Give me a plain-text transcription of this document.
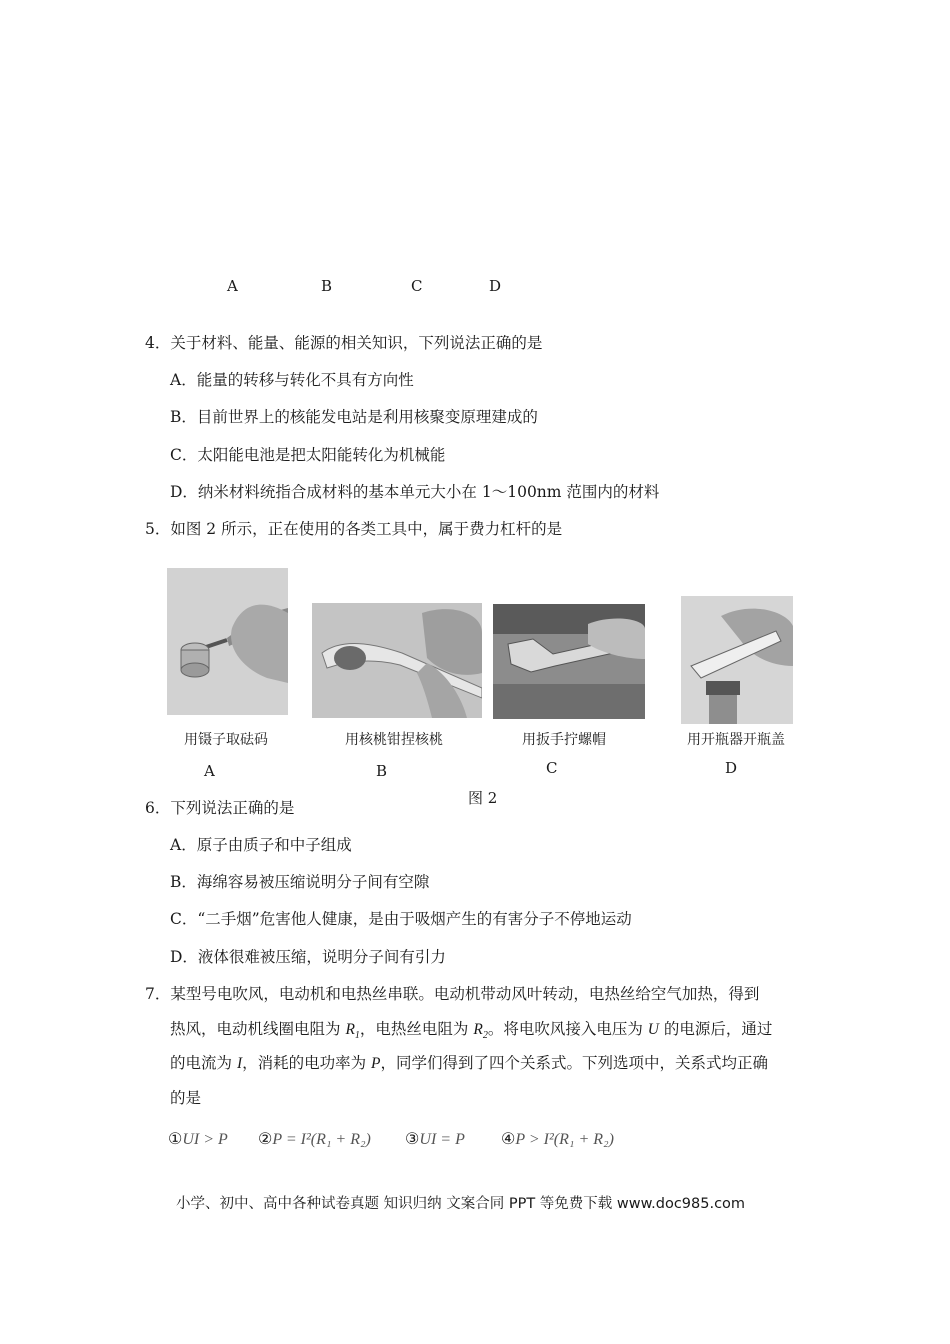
A	B	C	D
4．关于材料、能量、能源的相关知识，下列说法正确的是
A．能量的转移与转化不具有方向性
B．目前世界上的核能发电站是利用核聚变原理建成的
C．太阳能电池是把太阳能转化为机械能
D．纳米材料统指合成材料的基本单元大小在 1～100nm 范围内的材料
5．如图 2 所示，正在使用的各类工具中，属于费力杠杆的是
用镊子取砝码	用核桃钳捏核桃	用扳手拧螺帽	用开瓶器开瓶盖
A	B	C	D
图 2
6．下列说法正确的是
A．原子由质子和中子组成
B．海绵容易被压缩说明分子间有空隙
C．“二手烟”危害他人健康，是由于吸烟产生的有害分子不停地运动
D．液体很难被压缩，说明分子间有引力
7．某型号电吹风，电动机和电热丝串联。电动机带动风叶转动，电热丝给空气加热，得到
热风，电动机线圈电阻为 $R_1$，电热丝电阻为 $R_2$。将电吹风接入电压为 U 的电源后，通过
的电流为 I，消耗的电功率为 P，同学们得到了四个关系式。下列选项中，关系式均正确
的是
①UI > P ②P = I²(R₁ + R₂) ③UI = P ④P > I²(R₁ + R₂)
小学、初中、高中各种试卷真题 知识归纳 文案合同 PPT 等免费下载 www.doc985.com
